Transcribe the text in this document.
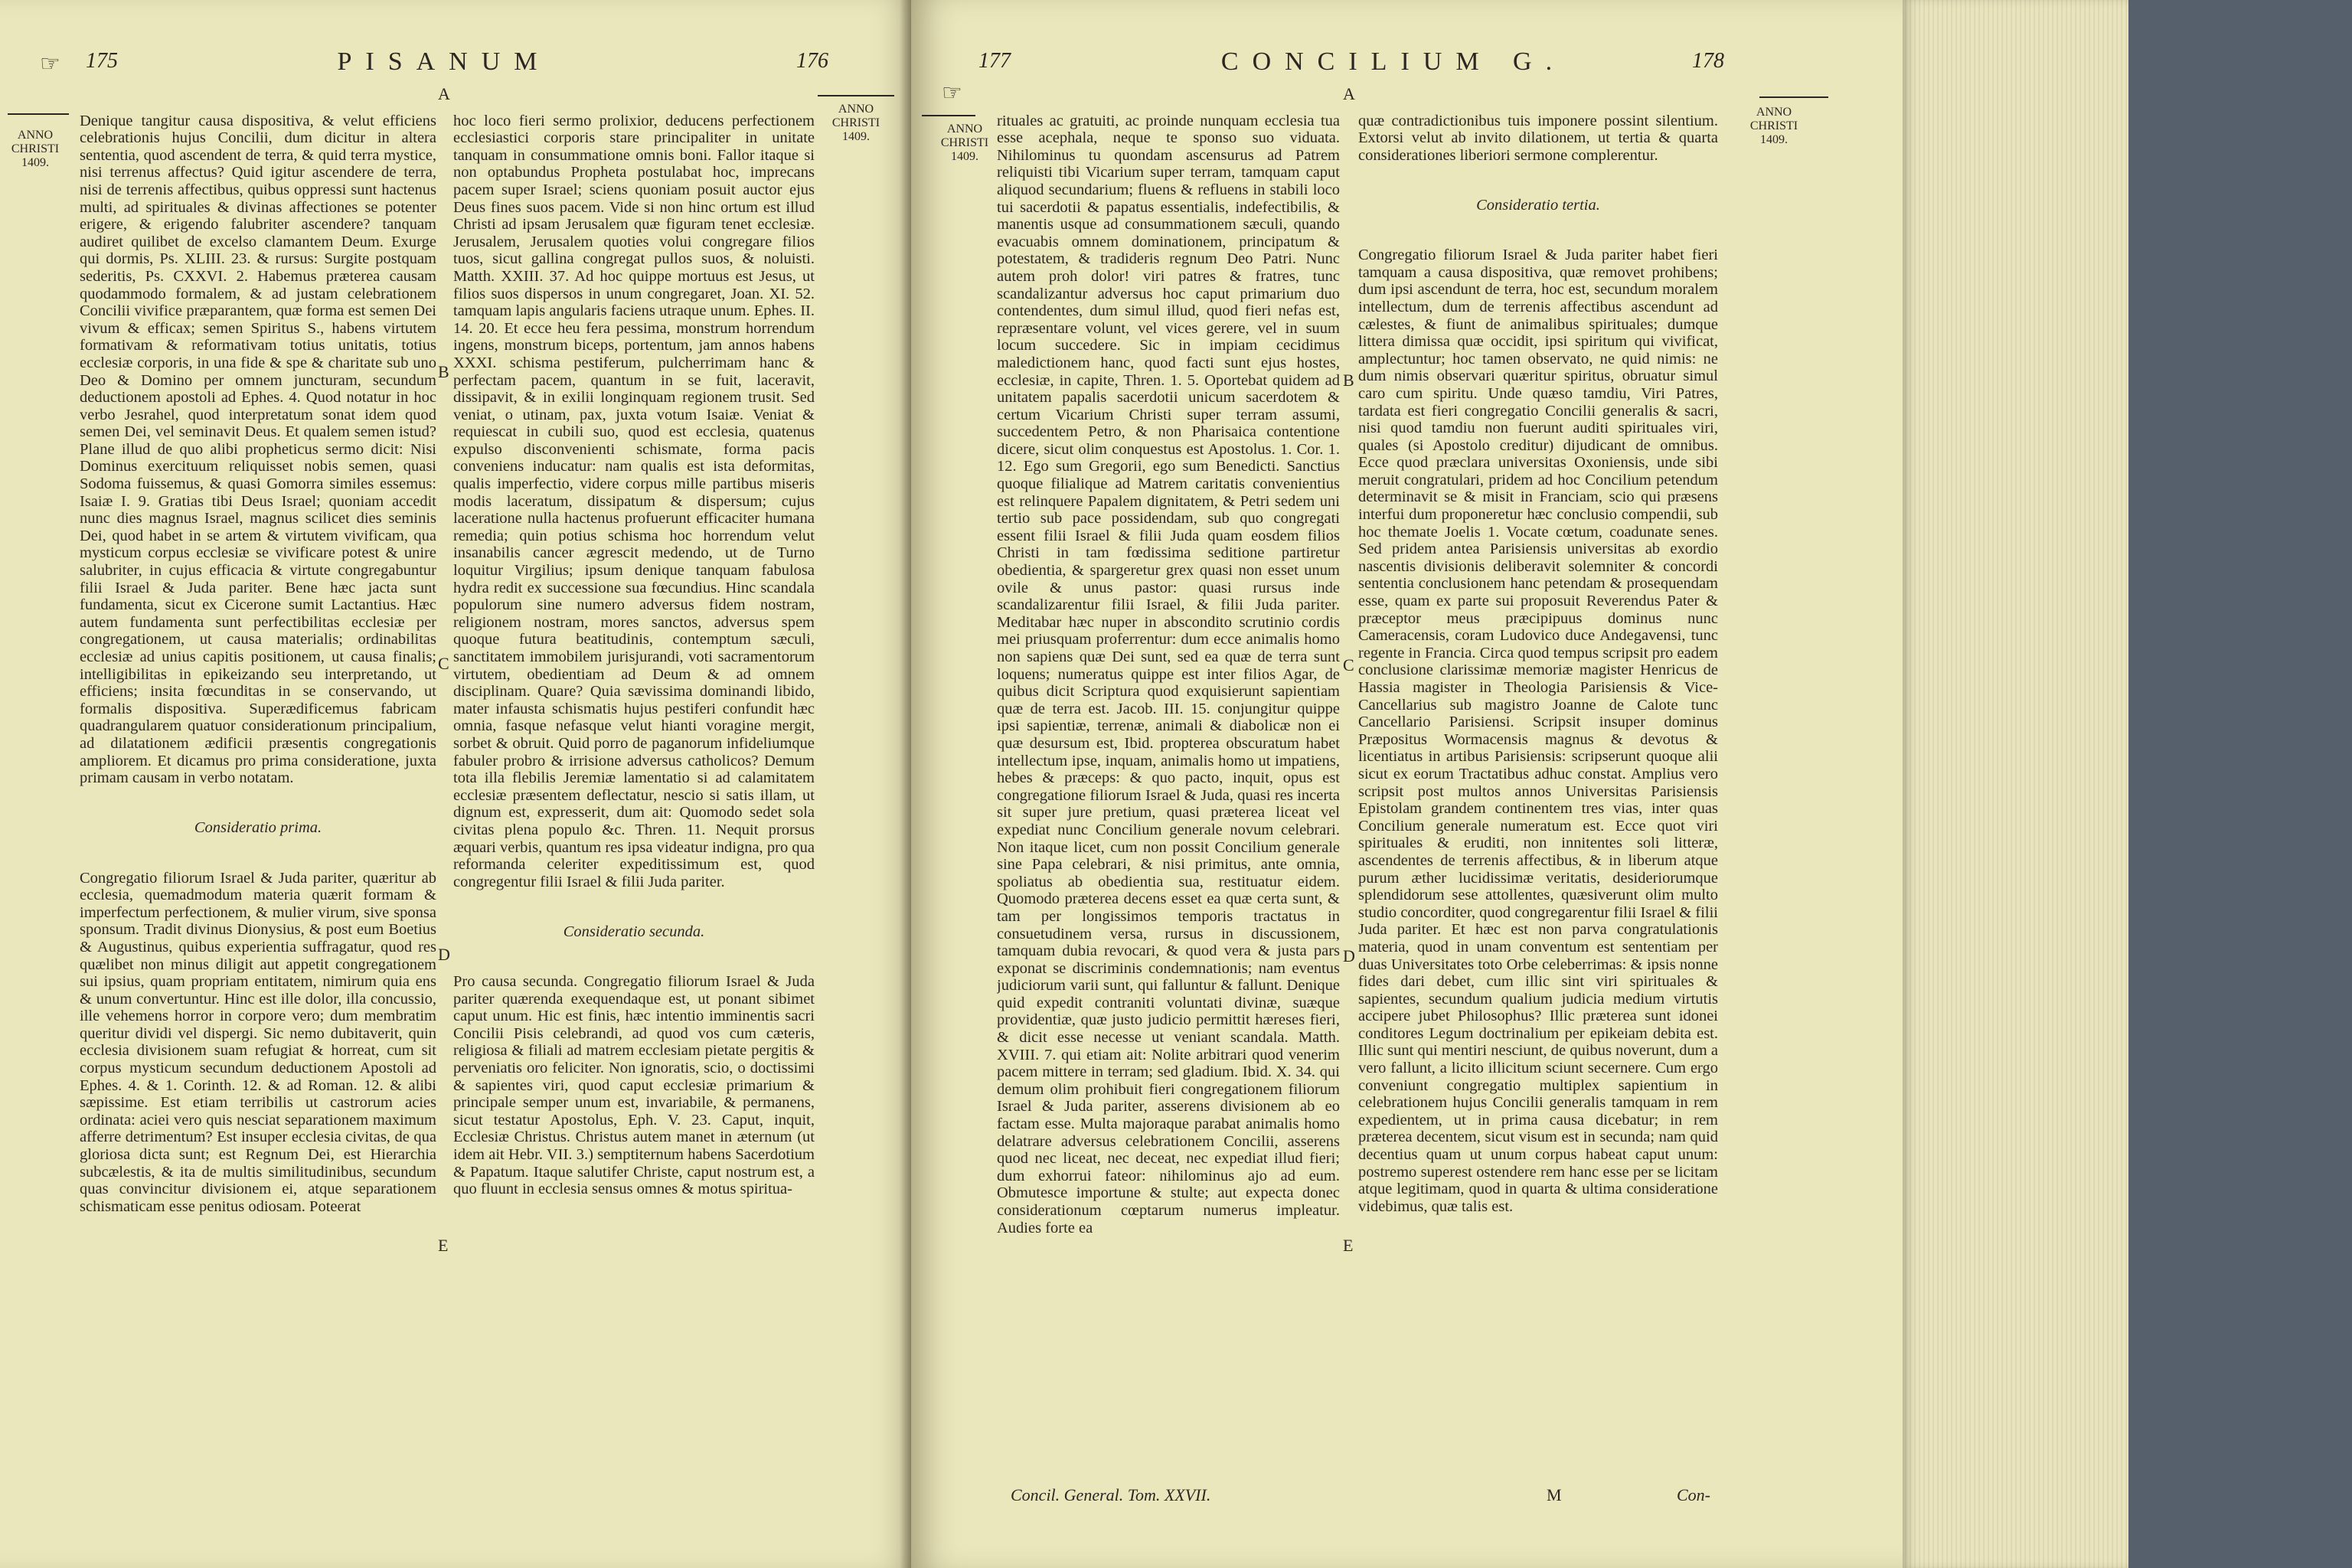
☞ 175	PISANUM	176
ANNO
CHRISTI
1409.
ANNO
CHRISTI
1409.

Denique tangitur causa dispositiva, & velut efficiens celebrationis hujus Concilii, dum dicitur in altera sententia, quod ascendent de terra, & quid terra mystice, nisi terrenus affectus? Quid igitur ascendere de terra, nisi de terrenis affectibus, quibus oppressi sunt hactenus multi, ad spirituales & divinas affectiones se potenter erigere, & erigendo falubriter ascendere? tanquam audiret quilibet de excelso clamantem Deum. Exurge qui dormis, Ps. XLIII. 23. & rursus: Surgite postquam sederitis, Ps. CXXVI. 2. Habemus præterea causam quodammodo formalem, & ad justam celebrationem Concilii vivifice præparantem, quæ forma est semen Dei vivum & efficax; semen Spiritus S., habens virtutem formativam & reformativam totius unitatis, totius ecclesiæ corporis, in una fide & spe & charitate sub uno Deo & Domino per omnem juncturam, secundum deductionem apostoli ad Ephes. 4. Quod notatur in hoc verbo Jesrahel, quod interpretatum sonat idem quod semen Dei, vel seminavit Deus. Et qualem semen istud? Plane illud de quo alibi propheticus sermo dicit: Nisi Dominus exercituum reliquisset nobis semen, quasi Sodoma fuissemus, & quasi Gomorra similes essemus: Isaiæ I. 9. Gratias tibi Deus Israel; quoniam accedit nunc dies magnus Israel, magnus scilicet dies seminis Dei, quod habet in se artem & virtutem vivificam, qua mysticum corpus ecclesiæ se vivificare potest & unire salubriter, in cujus efficacia & virtute congregabuntur filii Israel & Juda pariter. Bene hæc jacta sunt fundamenta, sicut ex Cicerone sumit Lactantius. Hæc autem fundamenta sunt perfectibilitas ecclesiæ per congregationem, ut causa materialis; ordinabilitas ecclesiæ ad unius capitis positionem, ut causa finalis; intelligibilitas in epikeizando seu interpretando, ut efficiens; insita fœcunditas in se conservando, ut formalis dispositiva. Superædificemus fabricam quadrangularem quatuor considerationum principalium, ad dilatationem ædificii præsentis congregationis ampliorem. Et dicamus pro prima consideratione, juxta primam causam in verbo notatam.

Consideratio prima.

Congregatio filiorum Israel & Juda pariter, quæritur ab ecclesia, quemadmodum materia quærit formam & imperfectum perfectionem, & mulier virum, sive sponsa sponsum. Tradit divinus Dionysius, & post eum Boetius & Augustinus, quibus experientia suffragatur, quod res quælibet non minus diligit aut appetit congregationem sui ipsius, quam propriam entitatem, nimirum quia ens & unum convertuntur. Hinc est ille dolor, illa concussio, ille vehemens horror in corpore vero; dum membratim queritur dividi vel dispergi. Sic nemo dubitaverit, quin ecclesia divisionem suam refugiat & horreat, cum sit corpus mysticum secundum deductionem Apostoli ad Ephes. 4. & 1. Corinth. 12. & ad Roman. 12. & alibi sæpissime. Est etiam terribilis ut castrorum acies ordinata: aciei vero quis nesciat separationem maximum afferre detrimentum? Est insuper ecclesia civitas, de qua gloriosa dicta sunt; est Regnum Dei, est Hierarchia subcælestis, & ita de multis similitudinibus, secundum quas convincitur divisionem ei, atque separationem schismaticam esse penitus odiosam. Poteerat

A
B
C
D
E

hoc loco fieri sermo prolixior, deducens perfectionem ecclesiastici corporis stare principaliter in unitate tanquam in consummatione omnis boni. Fallor itaque si non optabundus Propheta postulabat hoc, imprecans pacem super Israel; sciens quoniam posuit auctor ejus Deus fines suos pacem. Vide si non hinc ortum est illud Christi ad ipsam Jerusalem quæ figuram tenet ecclesiæ. Jerusalem, Jerusalem quoties volui congregare filios tuos, sicut gallina congregat pullos suos, & noluisti. Matth. XXIII. 37. Ad hoc quippe mortuus est Jesus, ut filios suos dispersos in unum congregaret, Joan. XI. 52. tamquam lapis angularis faciens utraque unum. Ephes. II. 14. 20. Et ecce heu fera pessima, monstrum horrendum ingens, monstrum biceps, portentum, jam annos habens XXXI. schisma pestiferum, pulcherrimam hanc & perfectam pacem, quantum in se fuit, laceravit, dissipavit, & in exilii longinquam regionem trusit. Sed veniat, o utinam, pax, juxta votum Isaiæ. Veniat & requiescat in cubili suo, quod est ecclesia, quatenus expulso disconvenienti schismate, forma pacis conveniens inducatur: nam qualis est ista deformitas, qualis imperfectio, videre corpus mille partibus miseris modis laceratum, dissipatum & dispersum; cujus laceratione nulla hactenus profuerunt efficaciter humana remedia; quin potius schisma hoc horrendum velut insanabilis cancer ægrescit medendo, ut de Turno loquitur Virgilius; ipsum denique tanquam fabulosa hydra redit ex successione sua fœcundius. Hinc scandala populorum sine numero adversus fidem nostram, religionem nostram, mores sanctos, adversus spem quoque futura beatitudinis, contemptum sæculi, sanctitatem immobilem jurisjurandi, voti sacramentorum virtutem, obedientiam ad Deum & ad omnem disciplinam. Quare? Quia sævissima dominandi libido, mater infausta schismatis hujus pestiferi confundit hæc omnia, fasque nefasque velut hianti voragine mergit, sorbet & obruit. Quid porro de paganorum infideliumque fabuler probro & irrisione adversus catholicos? Demum tota illa flebilis Jeremiæ lamentatio si ad calamitatem ecclesiæ præsentem deflectatur, nescio si satis illam, ut dignum est, expresserit, dum ait: Quomodo sedet sola civitas plena populo &c. Thren. 11. Nequit prorsus æquari verbis, quantum res ipsa videatur indigna, pro qua reformanda celeriter expeditissimum est, quod congregentur filii Israel & filii Juda pariter.

Consideratio secunda.

Pro causa secunda. Congregatio filiorum Israel & Juda pariter quærenda exequendaque est, ut ponant sibimet caput unum. Hic est finis, hæc intentio imminentis sacri Concilii Pisis celebrandi, ad quod vos cum cæteris, religiosa & filiali ad matrem ecclesiam pietate pergitis & perveniatis oro feliciter. Non ignoratis, scio, o doctissimi & sapientes viri, quod caput ecclesiæ primarium & principale semper unum est, invariabile, & permanens, sicut testatur Apostolus, Eph. V. 23. Caput, inquit, Ecclesiæ Christus. Christus autem manet in æternum (ut idem ait Hebr. VII. 3.) semptiternum habens Sacerdotium & Papatum. Itaque salutifer Christe, caput nostrum est, a quo fluunt in ecclesia sensus omnes & motus spiritua-

177	CONCILIUM G.	178
☞
ANNO
CHRISTI
1409.
ANNO
CHRISTI
1409.

rituales ac gratuiti, ac proinde nunquam ecclesia tua esse acephala, neque te sponso suo viduata. Nihilominus tu quondam ascensurus ad Patrem reliquisti tibi Vicarium super terram, tamquam caput aliquod secundarium; fluens & refluens in stabili loco tui sacerdotii & papatus essentialis, indefectibilis, & manentis usque ad consummationem sæculi, quando evacuabis omnem dominationem, principatum & potestatem, & tradideris regnum Deo Patri. Nunc autem proh dolor! viri patres & fratres, tunc scandalizantur adversus hoc caput primarium duo contendentes, dum simul illud, quod fieri nefas est, repræsentare volunt, vel vices gerere, vel in suum locum succedere. Sic in impiam cecidimus maledictionem hanc, quod facti sunt ejus hostes, ecclesiæ, in capite, Thren. 1. 5. Oportebat quidem ad unitatem papalis sacerdotii unicum sacerdotem & certum Vicarium Christi super terram assumi, succedentem Petro, & non Pharisaica contentione dicere, sicut olim conquestus est Apostolus. 1. Cor. 1. 12. Ego sum Gregorii, ego sum Benedicti. Sanctius quoque filialique ad Matrem caritatis convenientius est relinquere Papalem dignitatem, & Petri sedem uni tertio sub pace possidendam, sub quo congregati essent filii Israel & filii Juda quam eosdem filios Christi in tam fœdissima seditione partiretur obedientia, & spargeretur grex quasi non esset unum ovile & unus pastor: quasi rursus inde scandalizarentur filii Israel, & filii Juda pariter. Meditabar hæc nuper in abscondito scrutinio cordis mei priusquam proferrentur: dum ecce animalis homo non sapiens quæ Dei sunt, sed ea quæ de terra sunt loquens; numeratus quippe est inter filios Agar, de quibus dicit Scriptura quod exquisierunt sapientiam quæ de terra est. Jacob. III. 15. conjungitur quippe ipsi sapientiæ, terrenæ, animali & diabolicæ non ei quæ desursum est, Ibid. propterea obscuratum habet intellectum ipse, inquam, animalis homo ut impatiens, hebes & præceps: & quo pacto, inquit, opus est congregatione filiorum Israel & Juda, quasi res incerta sit super jure pretium, quasi præterea liceat vel expediat nunc Concilium generale novum celebrari. Non itaque licet, cum non possit Concilium generale sine Papa celebrari, & nisi primitus, ante omnia, spoliatus ab obedientia sua, restituatur eidem. Quomodo præterea decens esset ea quæ certa sunt, & tam per longissimos temporis tractatus in consuetudinem versa, rursus in discussionem, tamquam dubia revocari, & quod vera & justa pars exponat se discriminis condemnationis; nam eventus judiciorum varii sunt, qui falluntur & fallunt. Denique quid expedit contraniti voluntati divinæ, suæque providentiæ, quæ justo judicio permittit hæreses fieri, & dicit esse necesse ut veniant scandala. Matth. XVIII. 7. qui etiam ait: Nolite arbitrari quod venerim pacem mittere in terram; sed gladium. Ibid. X. 34. qui demum olim prohibuit fieri congregationem filiorum Israel & Juda pariter, asserens divisionem ab eo factam esse. Multa majoraque parabat animalis homo delatrare adversus celebrationem Concilii, asserens quod nec liceat, nec deceat, nec expediat illud fieri; dum exhorrui fateor: nihilominus ajo ad eum. Obmutesce importune & stulte; aut expecta donec considerationum cœptarum numerus impleatur. Audies forte ea

A
B
C
D
E

quæ contradictionibus tuis imponere possint silentium. Extorsi velut ab invito dilationem, ut tertia & quarta considerationes liberiori sermone complerentur.

Consideratio tertia.

Congregatio filiorum Israel & Juda pariter habet fieri tamquam a causa dispositiva, quæ removet prohibens; dum ipsi ascendunt de terra, hoc est, secundum moralem intellectum, dum de terrenis affectibus ascendunt ad cælestes, & fiunt de animalibus spirituales; dumque littera dimissa quæ occidit, ipsi spiritum qui vivificat, amplectuntur; hoc tamen observato, ne quid nimis: ne dum nimis observari quæritur spiritus, obruatur simul caro cum spiritu. Unde quæso tamdiu, Viri Patres, tardata est fieri congregatio Concilii generalis & sacri, nisi quod tamdiu non fuerunt auditi spirituales viri, quales (si Apostolo creditur) dijudicant de omnibus. Ecce quod præclara universitas Oxoniensis, unde sibi meruit congratulari, pridem ad hoc Concilium petendum determinavit se & misit in Franciam, scio qui præsens interfui dum proponeretur hæc conclusio compendii, sub hoc themate Joelis 1. Vocate cœtum, coadunate senes. Sed pridem antea Parisiensis universitas ab exordio nascentis divisionis deliberavit solemniter & concordi sententia conclusionem hanc petendam & prosequendam esse, quam ex parte sui proposuit Reverendus Pater & præceptor meus præcipipuus dominus nunc Cameracensis, coram Ludovico duce Andegavensi, tunc regente in Francia. Circa quod tempus scripsit pro eadem conclusione clarissimæ memoriæ magister Henricus de Hassia magister in Theologia Parisiensis & Vice-Cancellarius sub magistro Joanne de Calote tunc Cancellario Parisiensi. Scripsit insuper dominus Præpositus Wormacensis magnus & devotus & licentiatus in artibus Parisiensis: scripserunt quoque alii sicut ex eorum Tractatibus adhuc constat. Amplius vero scripsit post multos annos Universitas Parisiensis Epistolam grandem continentem tres vias, inter quas Concilium generale numeratum est. Ecce quot viri spirituales & eruditi, non innitentes soli litteræ, ascendentes de terrenis affectibus, & in liberum atque purum æther lucidissimæ veritatis, desideriorumque splendidorum sese attollentes, quæsiverunt olim multo studio concorditer, quod congregarentur filii Israel & filii Juda pariter. Et hæc est non parva congratulationis materia, quod in unam conventum est sententiam per duas Universitates toto Orbe celeberrimas: & ipsis nonne fides dari debet, cum illic sint viri spirituales & sapientes, secundum qualium judicia medium virtutis accipere jubet Philosophus? Illic præterea sunt idonei conditores Legum doctrinalium per epikeiam debita est. Illic sunt qui mentiri nesciunt, de quibus noverunt, dum a vero fallunt, a licito illicitum sciunt secernere. Cum ergo conveniunt congregatio multiplex sapientium in celebrationem hujus Concilii generalis tamquam in rem expedientem, ut in prima causa dicebatur; in rem præterea decentem, sicut visum est in secunda; nam quid decentius quam ut unum corpus habeat caput unum: postremo superest ostendere rem hanc esse per se licitam atque legitimam, quod in quarta & ultima consideratione videbimus, quæ talis est.

Concil. General. Tom. XXVII.	M	Con-
